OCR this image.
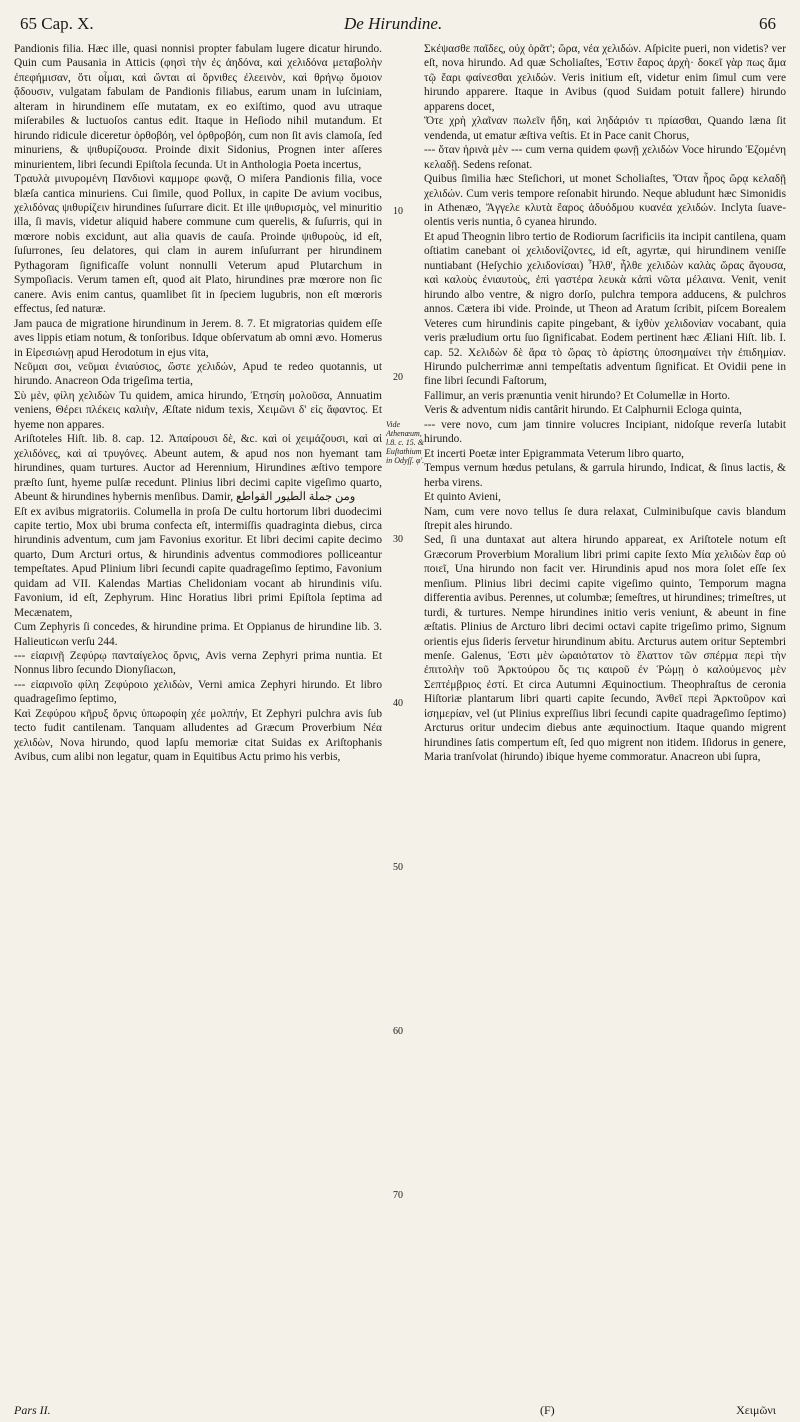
65 Cap. X.	De Hirundine.	66

Pandionis filia. Hæc ille, quasi nonnisi propter fabulam lugere dicatur hirundo. Quin cum Pausania in Atticis (φησὶ τὴν ἐς ἀηδόνα, καὶ χελιδόνα μεταβολὴν ἐπεφήμισαν, ὅτι οἶμαι, καὶ ὤνται αἱ ὄρνιθες ἐλεεινὸν, καὶ θρήνῳ ὅμοιον ᾄδουσιν, vulgatam fabulam de Pandionis filiabus, earum unam in luſciniam, alteram in hirundinem eſſe mutatam, ex eo exiſtimo, quod avu utraque miſerabiles & luctuoſos cantus edit. Itaque in Heſiodo nihil mutandum. Et hirundo ridicule diceretur ὀρθοβόη, vel ὀρθροβόη, cum non ſit avis clamoſa, ſed minuriens, & ψιθυρίζουσα. Proinde dixit Sidonius, Prognen inter aſſeres minurientem, libri ſecundi Epiſtola ſecunda. Ut in Anthologia Poeta incertus,

Τραυλὰ μινυρομένη Πανδιονὶ καμμορε φωνᾷ, O miſera Pandionis filia, voce blæſa cantica minuriens. Cui ſimile, quod Pollux, in capite De avium vocibus, χελιδόνας ψιθυρίζειν hirundines ſuſurrare dicit. Et ille ψιθυρισμὸς, vel minuritio illa, ſi mavis, videtur aliquid habere commune cum querelis, & ſuſurris, qui in mœrore nobis excidunt, aut alia quavis de cauſa. Proinde ψιθυροὺς, id eſt, ſuſurrones, ſeu delatores, qui clam in aurem inſuſurrant per hirundinem Pythagoram ſignificaſſe volunt nonnulli Veterum apud Plutarchum in Sympoſiacis. Verum tamen eſt, quod ait Plato, hirundines præ mœrore non ſic canere. Avis enim cantus, quamlibet ſit in ſpeciem lugubris, non eſt mœroris effectus, ſed naturæ.

Jam pauca de migratione hirundinum in Jerem. 8. 7. Et migratorias quidem eſſe aves lippis etiam notum, & tonſoribus. Idque obſervatum ab omni ævo. Homerus in Εἰρεσιώνῃ apud Herodotum in ejus vita,

Νεῦμαι σοι, νεῦμαι ἐνιαύσιος, ὥστε χελιδών, Apud te redeo quotannis, ut hirundo. Anacreon Oda trigeſima tertia,

Σὺ μὲν, φίλη χελιδὼν Tu quidem, amica hirundo, Ἐτησίη μολοῦσα, Annuatim veniens, Θέρει πλέκεις καλιὴν, Æſtate nidum texis, Χειμῶνι δ' εἰς ἄφαντος. Et hyeme non appares.

Ariſtoteles Hiſt. lib. 8. cap. 12. Ἀπαίρουσι δὲ, &c. καὶ οἱ χειμάζουσι, καὶ αἱ χελιδόνες, καὶ αἱ τρυγόνες. Abeunt autem, & apud nos non hyemant tam hirundines, quam turtures. Auctor ad Herennium, Hirundines æſtivo tempore præſto ſunt, hyeme pulſæ recedunt. Plinius libri decimi capite vigeſimo quarto, Abeunt & hirundines hybernis menſibus. Damir, ومن جملة الطيور القواطع

Eſt ex avibus migratoriis. Columella in proſa De cultu hortorum libri duodecimi capite tertio, Mox ubi bruma confecta eſt, intermiſſis quadraginta diebus, circa hirundinis adventum, cum jam Favonius exoritur. Et libri decimi capite decimo quarto, Dum Arcturi ortus, & hirundinis adventus commodiores polliceantur tempeſtates. Apud Plinium libri ſecundi capite quadrageſimo ſeptimo, Favonium quidam ad VII. Kalendas Martias Chelidoniam vocant ab hirundinis viſu. Favonium, id eſt, Zephyrum. Hinc Horatius libri primi Epiſtola ſeptima ad Mecænatem,

Cum Zephyris ſi concedes, & hirundine prima. Et Oppianus de hirundine lib. 3. Halieuticωn verſu 244.

--- εἰαρινῇ Ζεφύρῳ πανταίγελος ὄρνις, Avis verna Zephyri prima nuntia. Et Nonnus libro ſecundo Dionyſiacωn,

--- εἰαρινοῖο φίλη Ζεφύροιο χελιδὼν, Verni amica Zephyri hirundo. Et libro quadrageſimo ſeptimo,

Καὶ Ζεφύρου κῆρυξ ὄρνις ὑπωροφίη χέε μολπήν, Et Zephyri pulchra avis ſub tecto fudit cantilenam. Tanquam alludentes ad Græcum Proverbium Νέα χελιδὼν, Nova hirundo, quod lapſu memoriæ citat Suidas ex Ariſtophanis Avibus, cum alibi non legatur, quam in Equitibus Actu primo his verbis,

10
20
30
40
50
60
70
Vide Athenæum, l.8. c. 15. & Euſtathium in Odyſſ. φ'.

Σκέψασθε παῖδες, οὐχ ὁρᾶτ'; ὥρα, νέα χελιδών. Aſpicite pueri, non videtis? ver eſt, nova hirundo. Ad quæ Scholiaſtes, Ἐστιν ἔαρος ἀρχὴ· δοκεῖ γὰρ πως ἅμα τῷ ἔαρι φαίνεσθαι χελιδών. Veris initium eſt, videtur enim ſimul cum vere hirundo apparere. Itaque in Avibus (quod Suidam potuit fallere) hirundo apparens docet,

Ὅτε χρὴ χλαῖναν πωλεῖν ἤδη, καὶ ληδάριόν τι πρίασθαι, Quando læna ſit vendenda, ut ematur æſtiva veſtis. Et in Pace canit Chorus,

--- ὅταν ἠρινὰ μὲν --- cum verna quidem φωνῇ χελιδὼν Voce hirundo Ἑζομένη κελαδῇ. Sedens reſonat.

Quibus ſimilia hæc Steſichori, ut monet Scholiaſtes, Ὅταν ἦρος ὥρᾳ κελαδῇ χελιδών. Cum veris tempore reſonabit hirundo. Neque abludunt hæc Simonidis in Athenæo, Ἄγγελε κλυτὰ ἔαρος ἁδυόδμου κυανέα χελιδών. Inclyta ſuave-olentis veris nuntia, ô cyanea hirundo.

Et apud Theognin libro tertio de Rodiorum ſacrificiis ita incipit cantilena, quam oſtiatim canebant οἱ χελιδονίζοντες, id eſt, agyrtæ, qui hirundinem veniſſe nuntiabant (Heſychio χελιδονίσαι) Ἦλθ', ἦλθε χελιδὼν καλὰς ὥρας ἄγουσα, καὶ καλοὺς ἐνιαυτοὺς, ἐπὶ γαστέρα λευκὰ κἀπὶ νῶτα μέλαινα. Venit, venit hirundo albo ventre, & nigro dorſo, pulchra tempora adducens, & pulchros annos. Cætera ibi vide. Proinde, ut Theon ad Aratum ſcribit, piſcem Borealem Veteres cum hirundinis capite pingebant, & ἰχθὺν χελιδονίαν vocabant, quia veris præludium ortu ſuo ſignificabat. Eodem pertinent hæc Æliani Hiſt. lib. I. cap. 52. Χελιδὼν δὲ ἄρα τὸ ὥρας τὸ ἀρίστης ὑποσημαίνει τὴν ἐπιδημίαν. Hirundo pulcherrimæ anni tempeſtatis adventum ſignificat. Et Ovidii pene in fine libri ſecundi Faſtorum,

Fallimur, an veris prænuntia venit hirundo? Et Columellæ in Horto.

Veris & adventum nidis cantârit hirundo. Et Calphurnii Ecloga quinta,

--- vere novo, cum jam tinnire volucres Incipiant, nidoſque reverſa lutabit hirundo.

Et incerti Poetæ inter Epigrammata Veterum libro quarto,

Tempus vernum hœdus petulans, & garrula hirundo, Indicat, & ſinus lactis, & herba virens.

Et quinto Avieni,

Nam, cum vere novo tellus ſe dura relaxat, Culminibuſque cavis blandum ſtrepit ales hirundo.

Sed, ſi una duntaxat aut altera hirundo appareat, ex Ariſtotele notum eſt Græcorum Proverbium Moralium libri primi capite ſexto Μία χελιδὼν ἔαρ οὐ ποιεῖ, Una hirundo non facit ver. Hirundinis apud nos mora ſolet eſſe ſex menſium. Plinius libri decimi capite vigeſimo quinto, Temporum magna differentia avibus. Perennes, ut columbæ; ſemeſtres, ut hirundines; trimeſtres, ut turdi, & turtures. Nempe hirundines initio veris veniunt, & abeunt in fine æſtatis. Plinius de Arcturo libri decimi octavi capite trigeſimo primo, Signum orientis ejus ſideris ſervetur hirundinum abitu. Arcturus autem oritur Septembri menſe. Galenus, Ἐστι μὲν ὡραιότατον τὸ ἔλαττον τῶν σπέρμα περὶ τὴν ἐπιτολὴν τοῦ Ἀρκτούρου ὅς τις καιροῦ ἐν Ῥώμῃ ὁ καλούμενος μὲν Σεπτέμβριος ἐστί. Et circa Autumni Æquinoctium. Theophraſtus de ceronia Hiſtoriæ plantarum libri quarti capite ſecundo, Ἀνθεῖ περὶ Ἀρκτοῦρον καὶ ἰσημερίαν, vel (ut Plinius expreſſius libri ſecundi capite quadrageſimo ſeptimo) Arcturus oritur undecim diebus ante æquinoctium. Itaque quando migrent hirundines ſatis compertum eſt, ſed quo migrent non itidem. Iſidorus in genere, Maria tranſvolat (hirundo) ibique hyeme commoratur. Anacreon ubi ſupra,

Pars II.	(F)	Χειμῶνι
